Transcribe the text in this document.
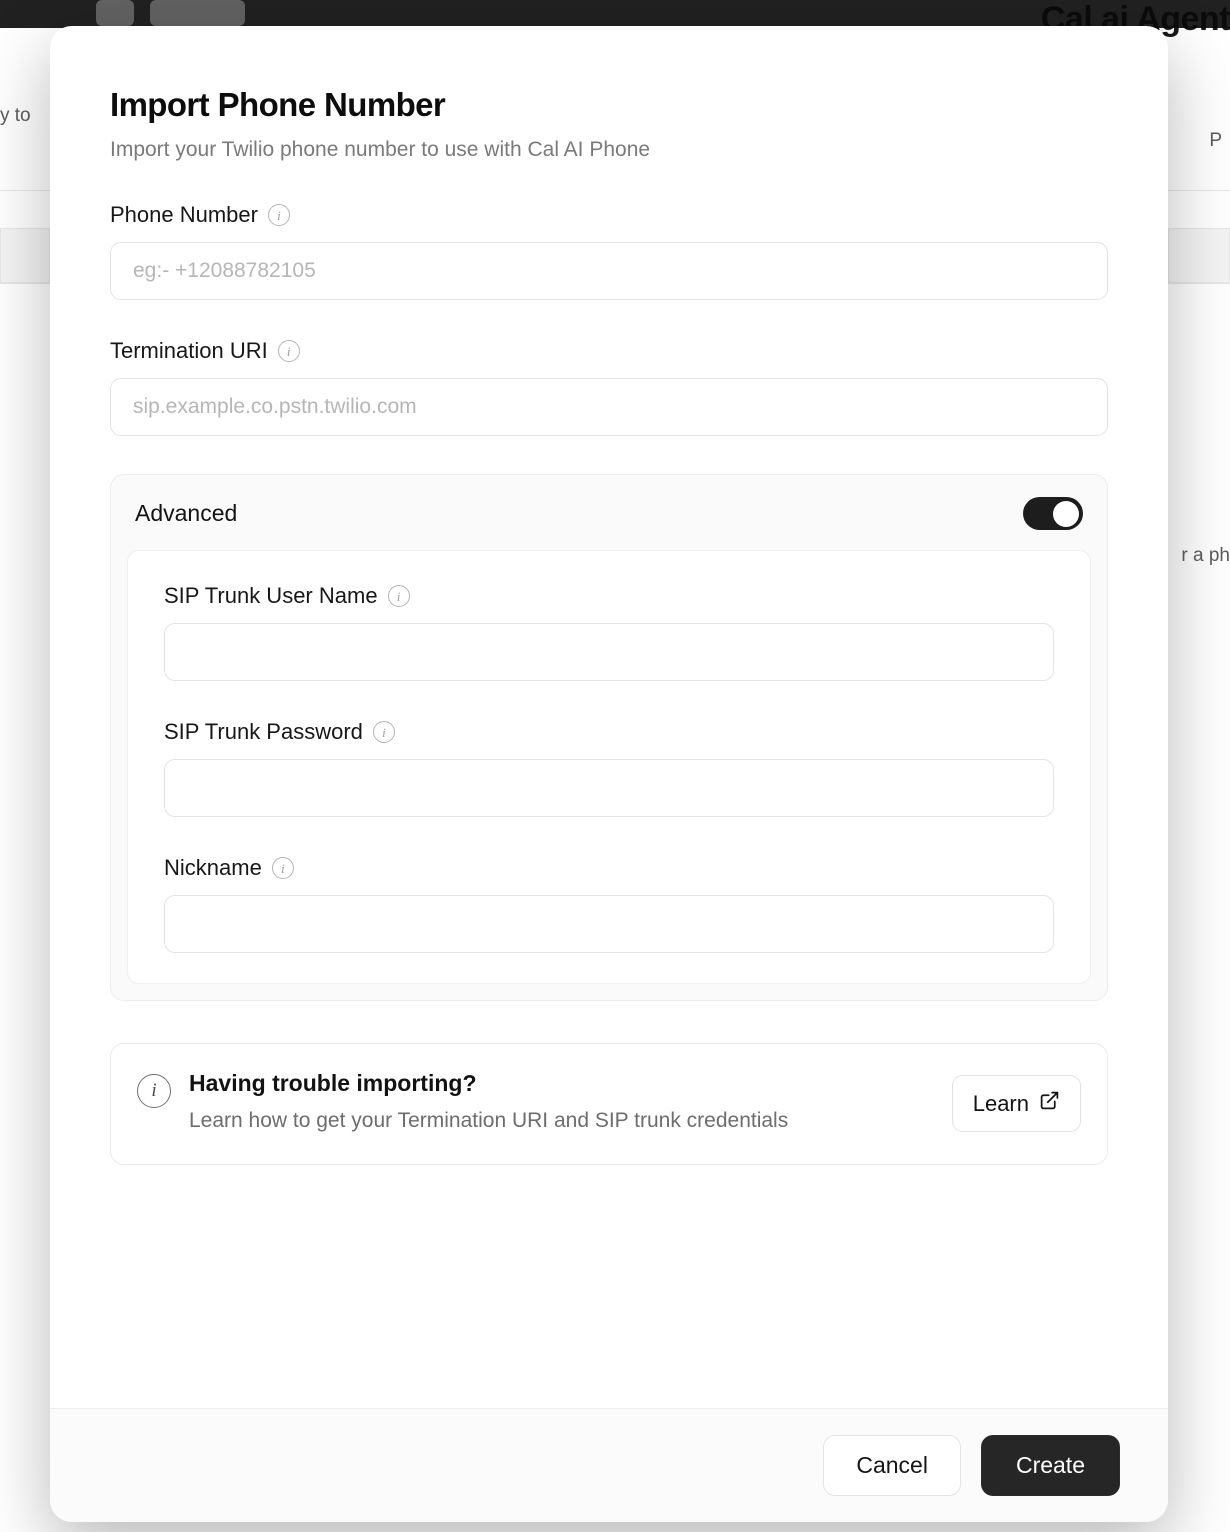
y to
P
r a ph
Import Phone Number

Import your Twilio phone number to use with Cal AI Phone

Phone Number	i
eg:- +12088782105
Termination URI	i
sip.example.co.pstn.twilio.com
Advanced
SIP Trunk User Name	i
SIP Trunk Password	i
Nickname	i
i	Having trouble importing?

Learn how to get your Termination URI and SIP trunk credentials

Learn
Cancel	Create
